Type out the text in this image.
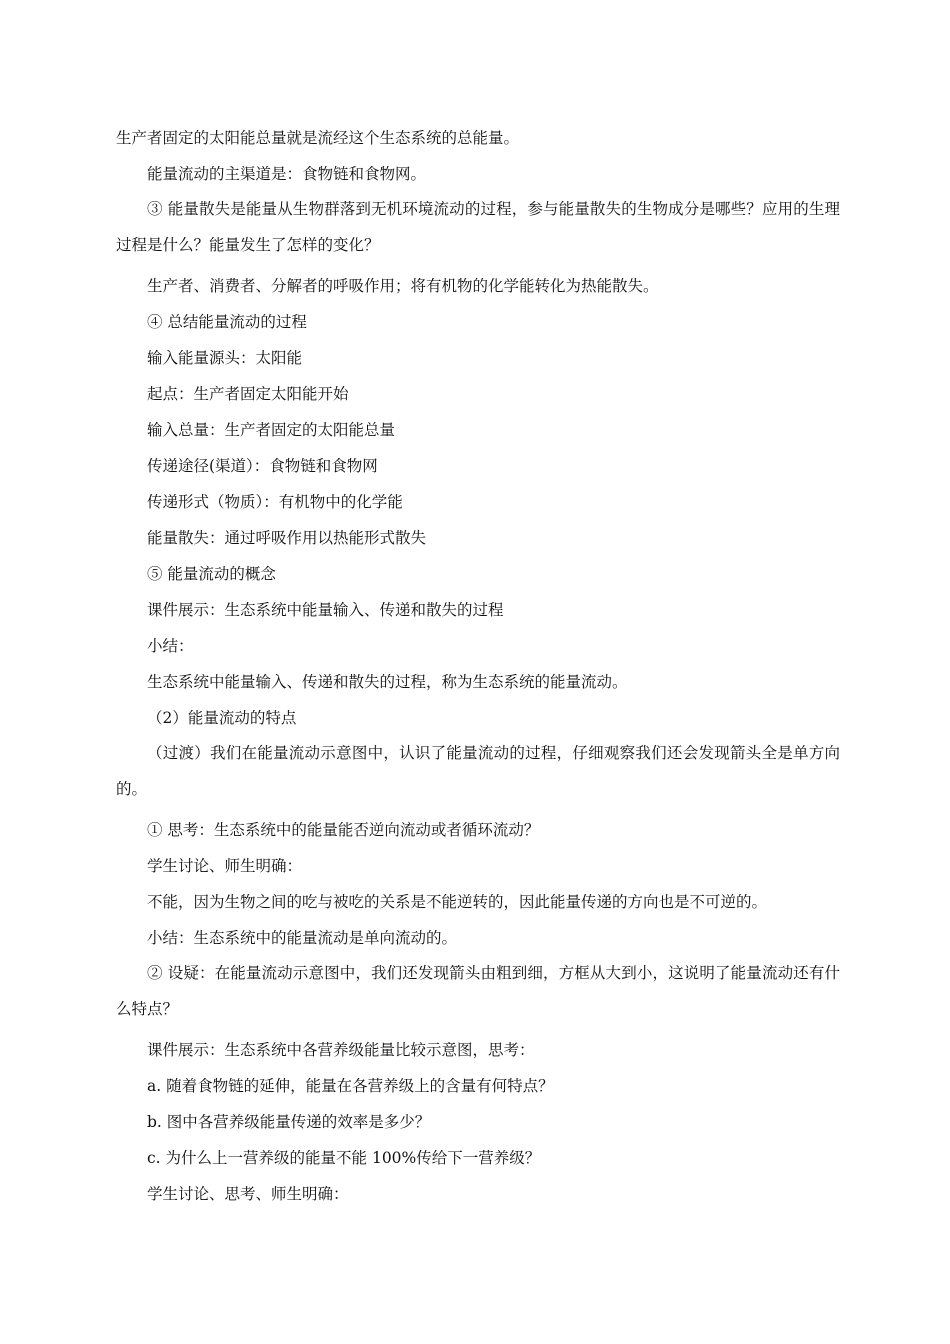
生产者固定的太阳能总量就是流经这个生态系统的总能量。

能量流动的主渠道是：食物链和食物网。

③ 能量散失是能量从生物群落到无机环境流动的过程，参与能量散失的生物成分是哪些？应用的生理过程是什么？能量发生了怎样的变化？

生产者、消费者、分解者的呼吸作用；将有机物的化学能转化为热能散失。

④ 总结能量流动的过程

输入能量源头：太阳能

起点：生产者固定太阳能开始

输入总量：生产者固定的太阳能总量

传递途径(渠道）：食物链和食物网

传递形式（物质）：有机物中的化学能

能量散失：通过呼吸作用以热能形式散失

⑤ 能量流动的概念

课件展示：生态系统中能量输入、传递和散失的过程

小结：

生态系统中能量输入、传递和散失的过程，称为生态系统的能量流动。

（2）能量流动的特点

（过渡）我们在能量流动示意图中，认识了能量流动的过程，仔细观察我们还会发现箭头全是单方向的。

① 思考：生态系统中的能量能否逆向流动或者循环流动？

学生讨论、师生明确：

不能，因为生物之间的吃与被吃的关系是不能逆转的，因此能量传递的方向也是不可逆的。

小结：生态系统中的能量流动是单向流动的。

② 设疑：在能量流动示意图中，我们还发现箭头由粗到细，方框从大到小，这说明了能量流动还有什么特点？

课件展示：生态系统中各营养级能量比较示意图，思考：

a. 随着食物链的延伸，能量在各营养级上的含量有何特点？

b. 图中各营养级能量传递的效率是多少？

c. 为什么上一营养级的能量不能 100%传给下一营养级？

学生讨论、思考、师生明确：
